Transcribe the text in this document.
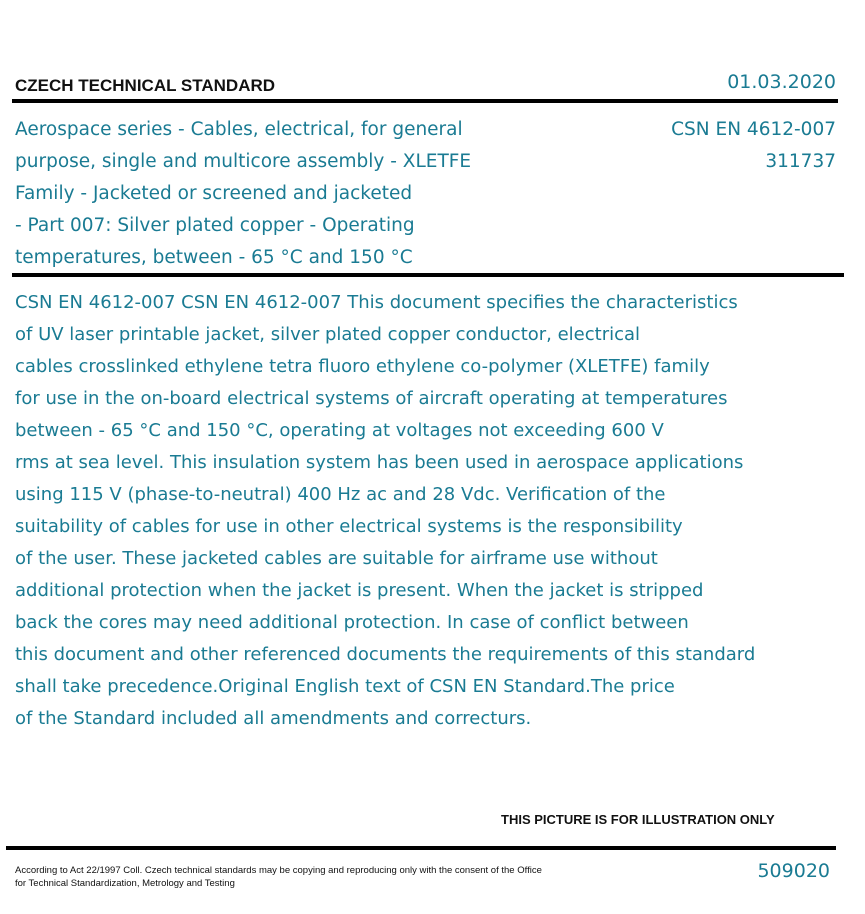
CZECH TECHNICAL STANDARD	01.03.2020
Aerospace series - Cables, electrical, for general
purpose, single and multicore assembly - XLETFE
Family - Jacketed or screened and jacketed
- Part 007: Silver plated copper - Operating
temperatures, between - 65 °C and 150 °C
CSN EN 4612-007
311737
CSN EN 4612-007 CSN EN 4612-007 This document specifies the characteristics
of UV laser printable jacket, silver plated copper conductor, electrical
cables crosslinked ethylene tetra fluoro ethylene co-polymer (XLETFE) family
for use in the on-board electrical systems of aircraft operating at temperatures
between - 65 °C and 150 °C, operating at voltages not exceeding 600 V
rms at sea level. This insulation system has been used in aerospace applications
using 115 V (phase-to-neutral) 400 Hz ac and 28 Vdc. Verification of the
suitability of cables for use in other electrical systems is the responsibility
of the user. These jacketed cables are suitable for airframe use without
additional protection when the jacket is present. When the jacket is stripped
back the cores may need additional protection. In case of conflict between
this document and other referenced documents the requirements of this standard
shall take precedence.Original English text of CSN EN Standard.The price
of the Standard included all amendments and correcturs.
THIS PICTURE IS FOR ILLUSTRATION ONLY
According to Act 22/1997 Coll. Czech technical standards may be copying and reproducing only with the consent of the Office
for Technical Standardization, Metrology and Testing
509020
